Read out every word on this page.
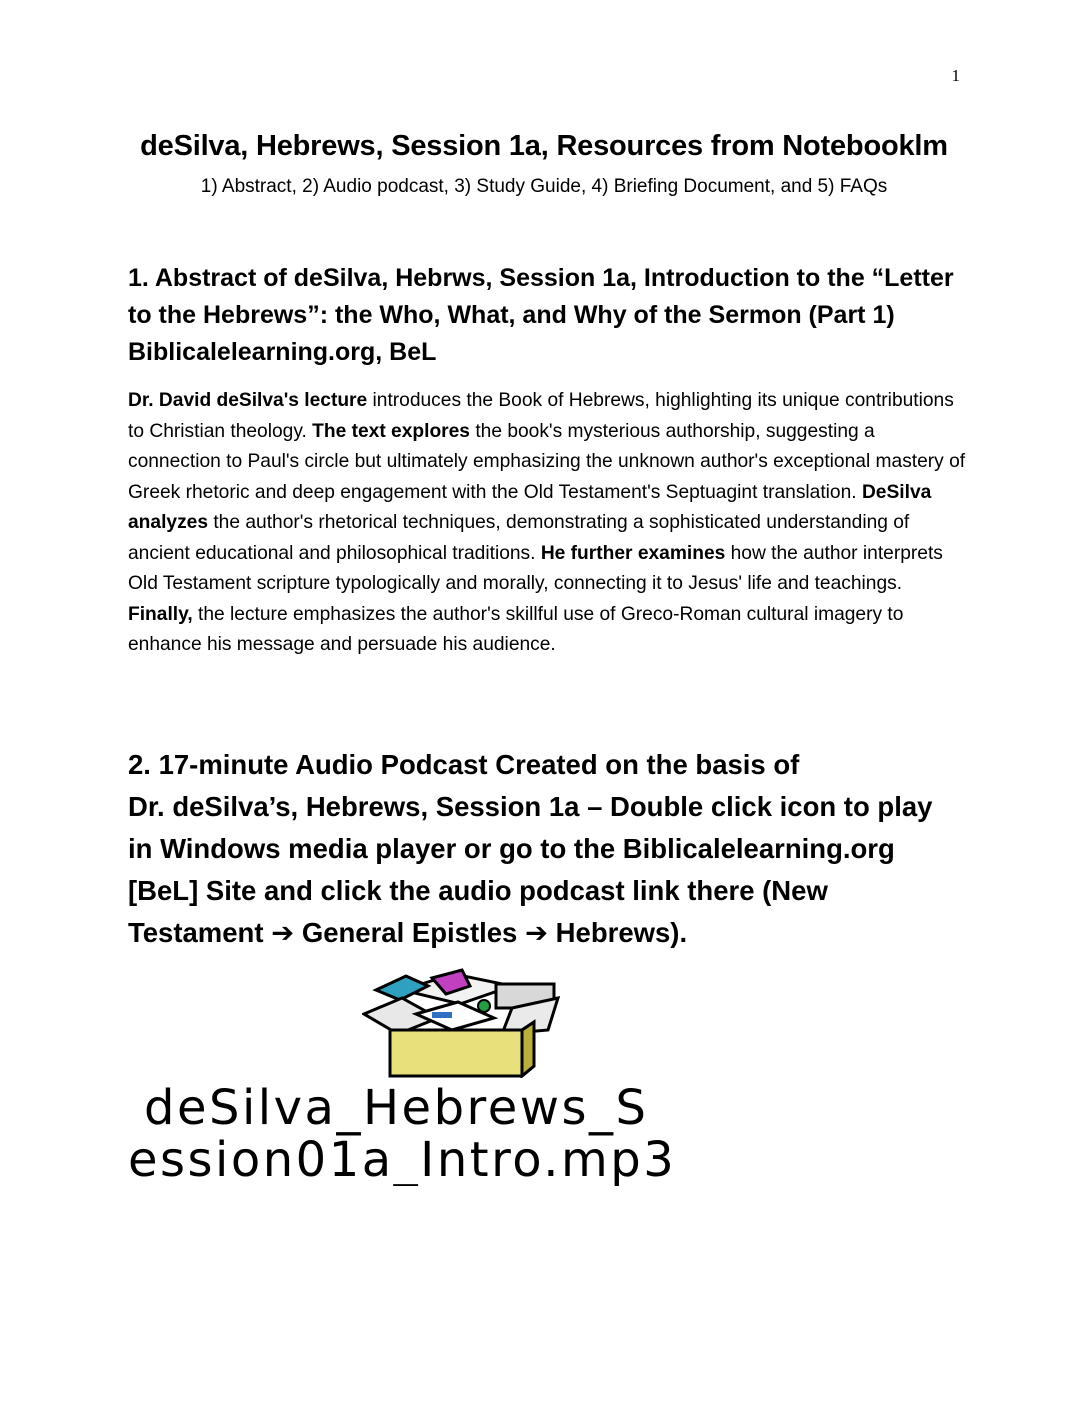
1
deSilva, Hebrews, Session 1a, Resources from Notebooklm
1) Abstract, 2) Audio podcast, 3) Study Guide, 4) Briefing Document, and 5) FAQs
1. Abstract of deSilva, Hebrws, Session 1a, Introduction to the “Letter to the Hebrews”: the Who, What, and Why of the Sermon (Part 1) Biblicalelearning.org, BeL

Dr. David deSilva's lecture introduces the Book of Hebrews, highlighting its unique contributions to Christian theology. The text explores the book's mysterious authorship, suggesting a connection to Paul's circle but ultimately emphasizing the unknown author's exceptional mastery of Greek rhetoric and deep engagement with the Old Testament's Septuagint translation. DeSilva analyzes the author's rhetorical techniques, demonstrating a sophisticated understanding of ancient educational and philosophical traditions. He further examines how the author interprets Old Testament scripture typologically and morally, connecting it to Jesus' life and teachings. Finally, the lecture emphasizes the author's skillful use of Greco-Roman cultural imagery to enhance his message and persuade his audience.

2. 17-minute Audio Podcast Created on the basis of
Dr. deSilva’s, Hebrews, Session 1a – Double click icon to play
in Windows media player or go to the Biblicalelearning.org
[BeL] Site and click the audio podcast link there (New
Testament ➔ General Epistles ➔ Hebrews).
deSilva_Hebrews_S
ession01a_Intro.mp3
